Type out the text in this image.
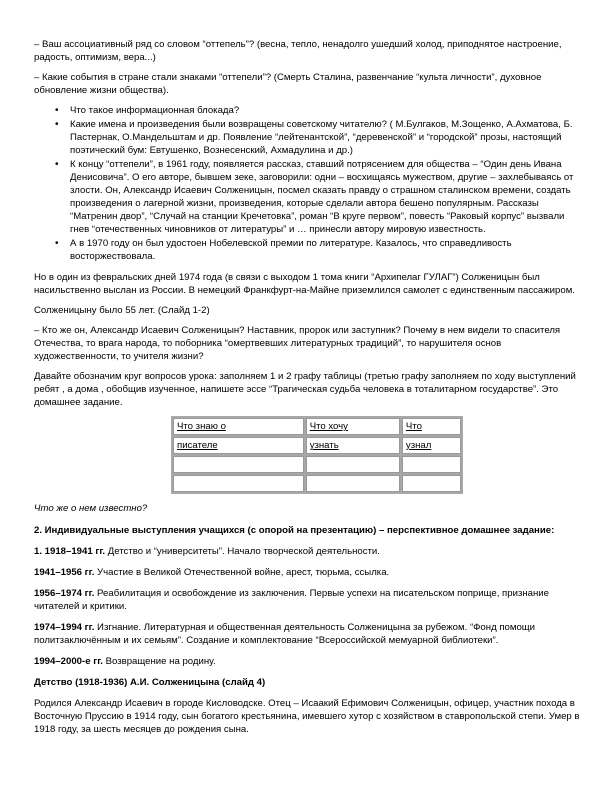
– Ваш ассоциативный ряд со словом “оттепель”? (весна, тепло, ненадолго ушедший холод, приподнятое настроение, радость, оптимизм, вера...)

– Какие события в стране стали знаками “оттепели”? (Смерть Сталина, развенчание “культа личности”, духовное обновление жизни общества).

• Что такое информационная блокада?
• Какие имена и произведения были возвращены советскому читателю? ( М.Булгаков, М.Зощенко, А.Ахматова, Б. Пастернак, О.Мандельштам и др. Появление “лейтенантской”, “деревенской” и “городской” прозы, настоящий поэтический бум: Евтушенко, Вознесенский, Ахмадулина и др.)
• К концу “оттепели”, в 1961 году, появляется рассказ, ставший потрясением для общества – “Один день Ивана Денисовича”. О его авторе, бывшем зеке, заговорили: одни – восхищаясь мужеством, другие – захлебываясь от злости. Он, Александр Исаевич Солженицын, посмел сказать правду о страшном сталинском времени, создать произведения о лагерной жизни, произведения, которые сделали автора бешено популярным. Рассказы “Матренин двор”, “Случай на станции Кречетовка”, роман “В круге первом”, повесть “Раковый корпус” вызвали гнев “отечественных чиновников от литературы” и … принесли автору мировую известность.
• А в 1970 году он был удостоен Нобелевской премии по литературе. Казалось, что справедливость восторжествовала.

Но в один из февральских дней 1974 года (в связи с выходом 1 тома книги “Архипелаг ГУЛАГ”) Солженицын был насильственно выслан из России. В немецкий Франкфурт-на-Майне приземлился самолет с единственным пассажиром.

Солженицыну было 55 лет. (Слайд 1-2)

– Кто же он, Александр Исаевич Солженицын? Наставник, пророк или заступник? Почему в нем видели то спасителя Отечества, то врага народа, то поборника “омертвевших литературных традиций”, то нарушителя основ художественности, то учителя жизни?

Давайте обозначим круг вопросов урока: заполняем 1 и 2 графу таблицы (третью графу заполняем по ходу выступлений ребят , а дома , обобщив изученное, напишете эссе “Трагическая судьба человека в тоталитарном государстве”. Это домашнее задание.

Что знаю о	Что хочу	Что
писателе	узнать	узнал

Что же о нем известно?

2. Индивидуальные выступления учащихся (с опорой на презентацию) – перспективное домашнее задание:

1. 1918–1941 гг. Детство и “университеты”. Начало творческой деятельности.

1941–1956 гг. Участие в Великой Отечественной войне, арест, тюрьма, ссылка.

1956–1974 гг. Реабилитация и освобождение из заключения. Первые успехи на писательском поприще, признание читателей и критики.

1974–1994 гг. Изгнание. Литературная и общественная деятельность Солженицына за рубежом. “Фонд помощи политзаключённым и их семьям”. Создание и комплектование “Всероссийской мемуарной библиотеки”.

1994–2000-е гг. Возвращение на родину.

Детство (1918-1936) А.И. Солженицына (слайд 4)

Родился Александр Исаевич в городе Кисловодске. Отец – Исаакий Ефимович Солженицын, офицер, участник похода в Восточную Пруссию в 1914 году, сын богатого крестьянина, имевшего хутор с хозяйством в ставропольской степи. Умер в 1918 году, за шесть месяцев до рождения сына.
